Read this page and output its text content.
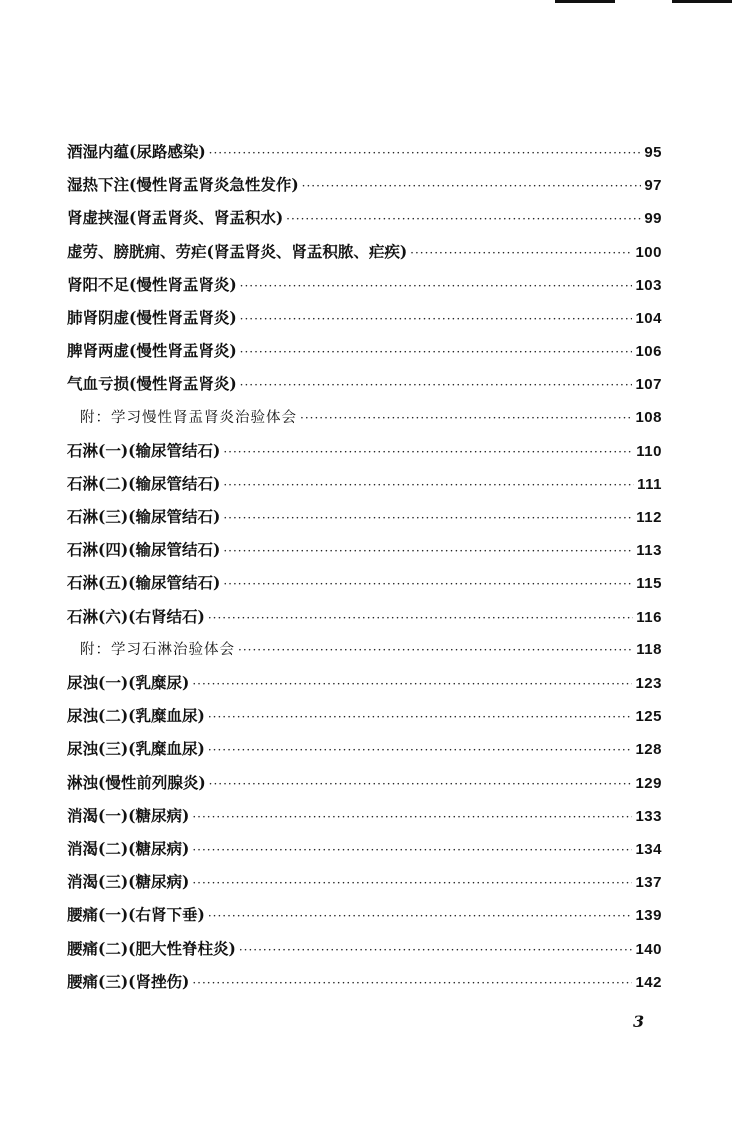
酒湿内蕴(尿路感染) ·····	95
湿热下注(慢性肾盂肾炎急性发作) ·····	97
肾虚挟湿(肾盂肾炎、肾盂积水) ·····	99
虚劳、膀胱痈、劳疟(肾盂肾炎、肾盂积脓、疟疾) ·····	100
肾阳不足(慢性肾盂肾炎) ·····	103
肺肾阴虚(慢性肾盂肾炎) ·····	104
脾肾两虚(慢性肾盂肾炎) ·····	106
气血亏损(慢性肾盂肾炎) ·····	107
附：学习慢性肾盂肾炎治验体会 ·····	108
石淋(一)(输尿管结石) ·····	110
石淋(二)(输尿管结石) ·····	111
石淋(三)(输尿管结石) ·····	112
石淋(四)(输尿管结石) ·····	113
石淋(五)(输尿管结石) ·····	115
石淋(六)(右肾结石) ·····	116
附：学习石淋治验体会 ·····	118
尿浊(一)(乳糜尿) ·····	123
尿浊(二)(乳糜血尿) ·····	125
尿浊(三)(乳糜血尿) ·····	128
淋浊(慢性前列腺炎) ·····	129
消渴(一)(糖尿病) ·····	133
消渴(二)(糖尿病) ·····	134
消渴(三)(糖尿病) ·····	137
腰痛(一)(右肾下垂) ·····	139
腰痛(二)(肥大性脊柱炎) ·····	140
腰痛(三)(肾挫伤) ·····	142
3
